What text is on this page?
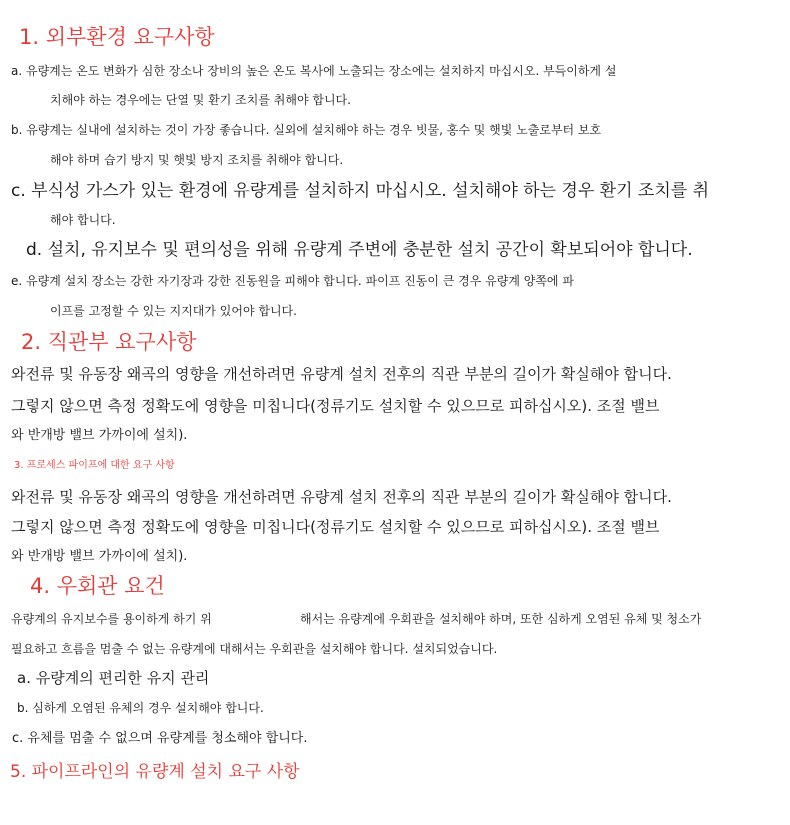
1. 외부환경 요구사항
a. 유량계는 온도 변화가 심한 장소나 장비의 높은 온도 복사에 노출되는 장소에는 설치하지 마십시오. 부득이하게 설
치해야 하는 경우에는 단열 및 환기 조치를 취해야 합니다.
b. 유량계는 실내에 설치하는 것이 가장 좋습니다. 실외에 설치해야 하는 경우 빗물, 홍수 및 햇빛 노출로부터 보호
해야 하며 습기 방지 및 햇빛 방지 조치를 취해야 합니다.
c. 부식성 가스가 있는 환경에 유량계를 설치하지 마십시오. 설치해야 하는 경우 환기 조치를 취
해야 합니다.
d. 설치, 유지보수 및 편의성을 위해 유량계 주변에 충분한 설치 공간이 확보되어야 합니다.
e. 유량계 설치 장소는 강한 자기장과 강한 진동원을 피해야 합니다. 파이프 진동이 큰 경우 유량계 양쪽에 파
이프를 고정할 수 있는 지지대가 있어야 합니다.
2. 직관부 요구사항
와전류 및 유동장 왜곡의 영향을 개선하려면 유량계 설치 전후의 직관 부분의 길이가 확실해야 합니다.
그렇지 않으면 측정 정확도에 영향을 미칩니다(정류기도 설치할 수 있으므로 피하십시오). 조절 밸브
와 반개방 밸브 가까이에 설치).
3. 프로세스 파이프에 대한 요구 사항
와전류 및 유동장 왜곡의 영향을 개선하려면 유량계 설치 전후의 직관 부분의 길이가 확실해야 합니다.
그렇지 않으면 측정 정확도에 영향을 미칩니다(정류기도 설치할 수 있으므로 피하십시오). 조절 밸브
와 반개방 밸브 가까이에 설치).
4. 우회관 요건
유량계의 유지보수를 용이하게 하기 위	해서는 유량계에 우회관을 설치해야 하며, 또한 심하게 오염된 유체 및 청소가
필요하고 흐름을 멈출 수 없는 유량계에 대해서는 우회관을 설치해야 합니다. 설치되었습니다.
a. 유량계의 편리한 유지 관리
b. 심하게 오염된 유체의 경우 설치해야 합니다.
c. 유체를 멈출 수 없으며 유량계를 청소해야 합니다.
5. 파이프라인의 유량계 설치 요구 사항
